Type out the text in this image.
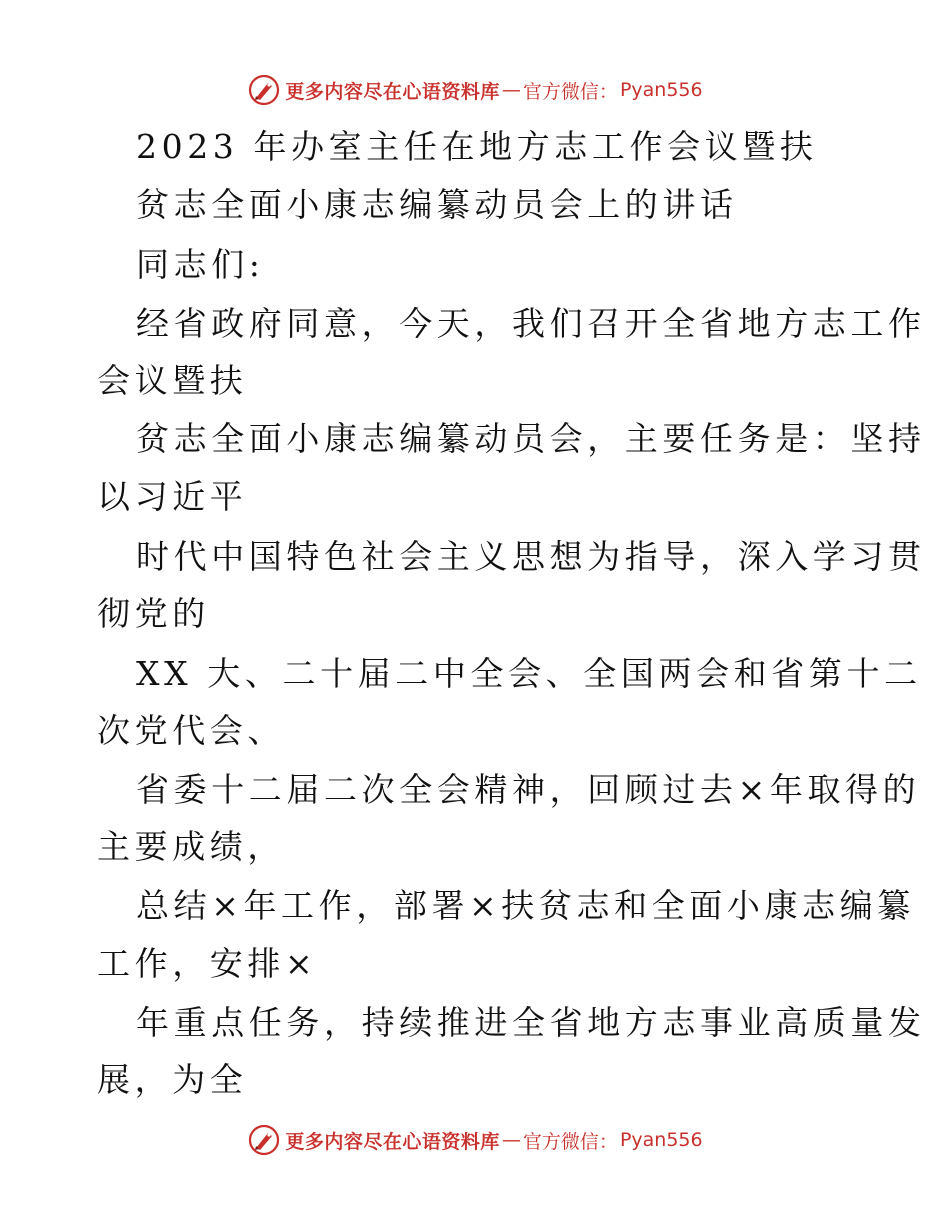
更多内容尽在心语资料库 — 官方微信： Pyan556
2023 年办室主任在地方志工作会议暨扶
贫志全面小康志编纂动员会上的讲话
同志们:
经省政府同意，今天，我们召开全省地方志工作
会议暨扶
贫志全面小康志编纂动员会，主要任务是：坚持
以习近平
时代中国特色社会主义思想为指导，深入学习贯
彻党的
XX 大、二十届二中全会、全国两会和省第十二
次党代会、
省委十二届二次全会精神，回顾过去×年取得的
主要成绩，
总结×年工作，部署×扶贫志和全面小康志编纂
工作，安排×
年重点任务，持续推进全省地方志事业高质量发
展，为全
更多内容尽在心语资料库 — 官方微信： Pyan556
